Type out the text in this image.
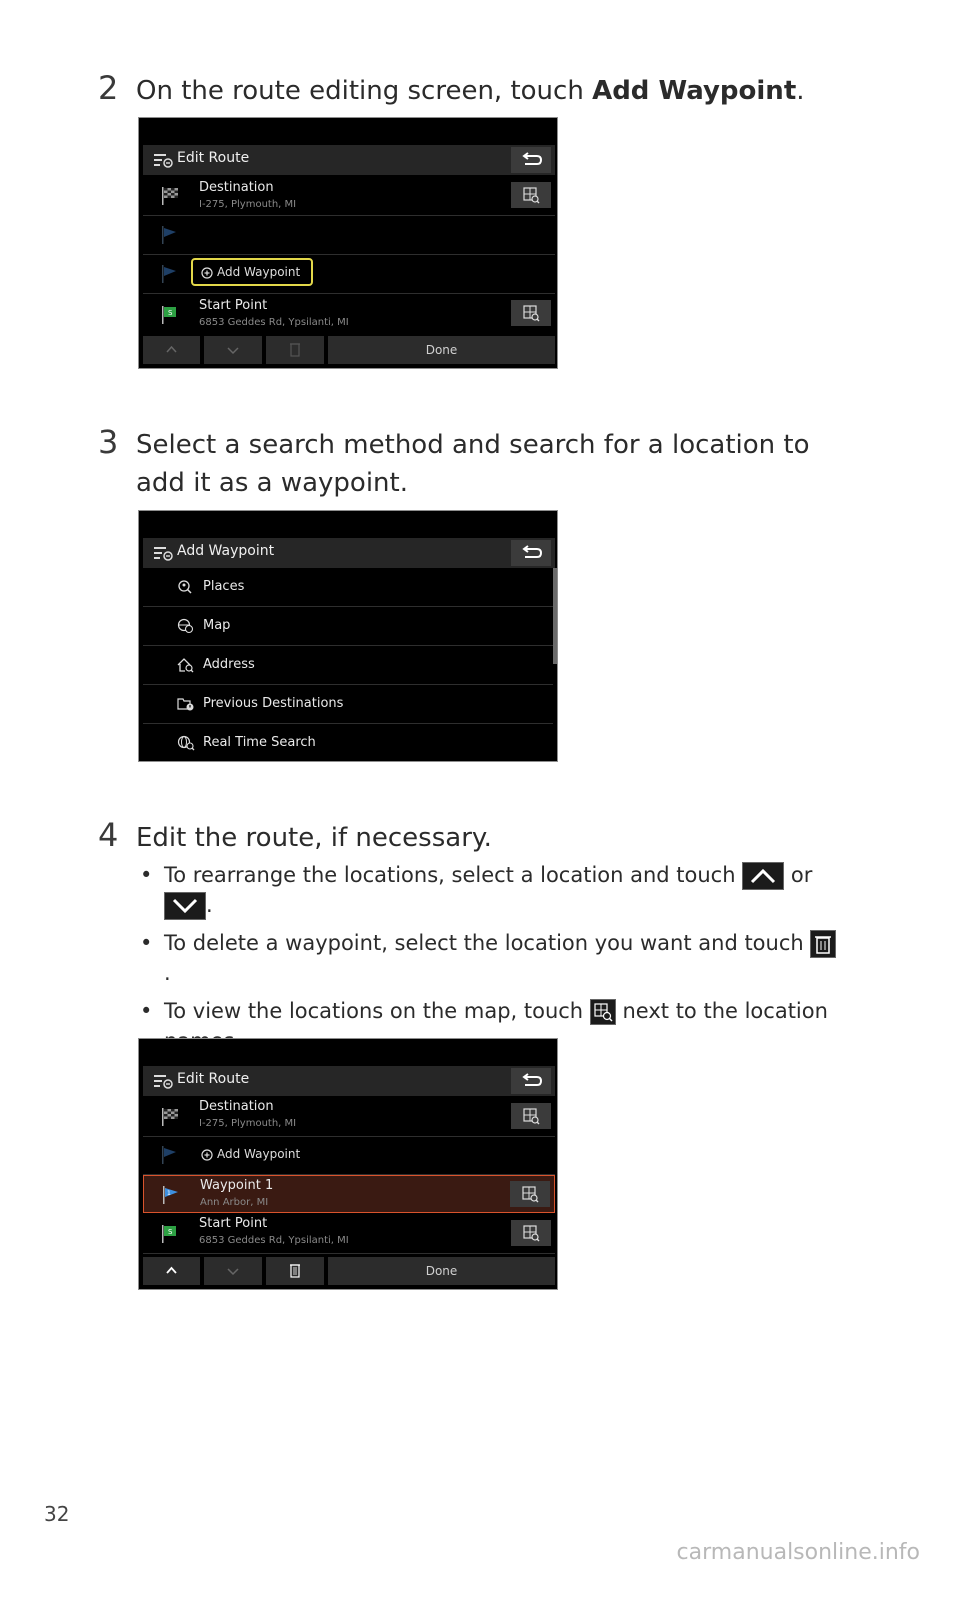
2 On the route editing screen, touch Add Waypoint.
Edit Route
Destination
I-275, Plymouth, MI
Add Waypoint
S Start Point
6853 Geddes Rd, Ypsilanti, MI
Done
3 Select a search method and search for a location to add it as a waypoint.
Add Waypoint
Places
Map
Address
Previous Destinations
Real Time Search
4 Edit the route, if necessary.
• To rearrange the locations, select a location and touch	or
.
• To delete a waypoint, select the location you want and touch .
• To view the locations on the map, touch next to the location
Edit Route
Destination
I-275, Plymouth, MI
Add Waypoint
1
Waypoint 1
Ann Arbor, MI
S
Start Point
6853 Geddes Rd, Ypsilanti, MI
Done
32
carmanualsonline.info
